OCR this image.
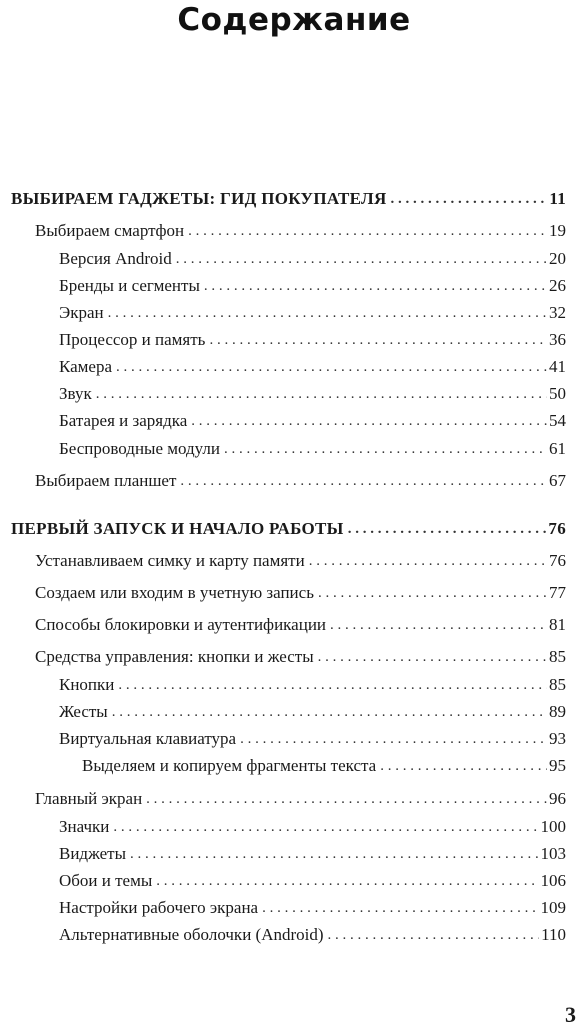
Содержание
ВЫБИРАЕМ ГАДЖЕТЫ: ГИД ПОКУПАТЕЛЯ . . .	11
Выбираем смартфон . . .	19
Версия Android . . .	20
Бренды и сегменты . . .	26
Экран . . .	32
Процессор и память . . .	36
Камера . . .	41
Звук . . .	50
Батарея и зарядка . . .	54
Беспроводные модули . . .	61
Выбираем планшет . . .	67
ПЕРВЫЙ ЗАПУСК И НАЧАЛО РАБОТЫ . . .	76
Устанавливаем симку и карту памяти . . .	76
Создаем или входим в учетную запись . . .	77
Способы блокировки и аутентификации . . .	81
Средства управления: кнопки и жесты . . .	85
Кнопки . . .	85
Жесты . . .	89
Виртуальная клавиатура . . .	93
Выделяем и копируем фрагменты текста . . .	95
Главный экран . . .	96
Значки . . .	100
Виджеты . . .	103
Обои и темы . . .	106
Настройки рабочего экрана . . .	109
Альтернативные оболочки (Android) . . .	110
3
